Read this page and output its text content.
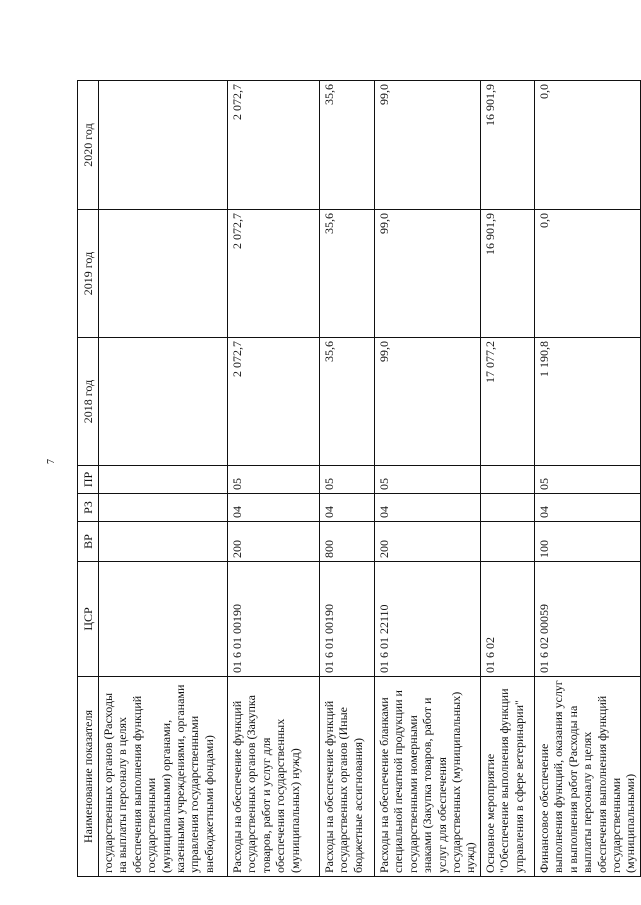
7
Наименование показателя	ЦСР	ВР	РЗ	ПР	2018 год	2019 год	2020 год
государственных органов (Расходы на выплаты персоналу в целях обеспечения выполнения функций государственными (муниципальными) органами, казенными учреждениями, органами управления государственными внебюджетными фондами)							
Расходы на обеспечение функций государственных органов (Закупка товаров, работ и услуг для обеспечения государственных (муниципальных) нужд)	01 6 01 00190	200	04	05	2 072,7	2 072,7	2 072,7
Расходы на обеспечение функций государственных органов (Иные бюджетные ассигнования)	01 6 01 00190	800	04	05	35,6	35,6	35,6
Расходы на обеспечение бланками специальной печатной продукции и государственными номерными знаками (Закупка товаров, работ и услуг для обеспечения государственных (муниципальных) нужд)	01 6 01 22110	200	04	05	99,0	99,0	99,0
Основное мероприятие "Обеспечение выполнения функции управления в сфере ветеринарии"	01 6 02				17 077,2	16 901,9	16 901,9
Финансовое обеспечение выполнения функций, оказания услуг и выполнения работ (Расходы на выплаты персоналу в целях обеспечения выполнения функций государственными (муниципальными)	01 6 02 00059	100	04	05	1 190,8	0,0	0,0
